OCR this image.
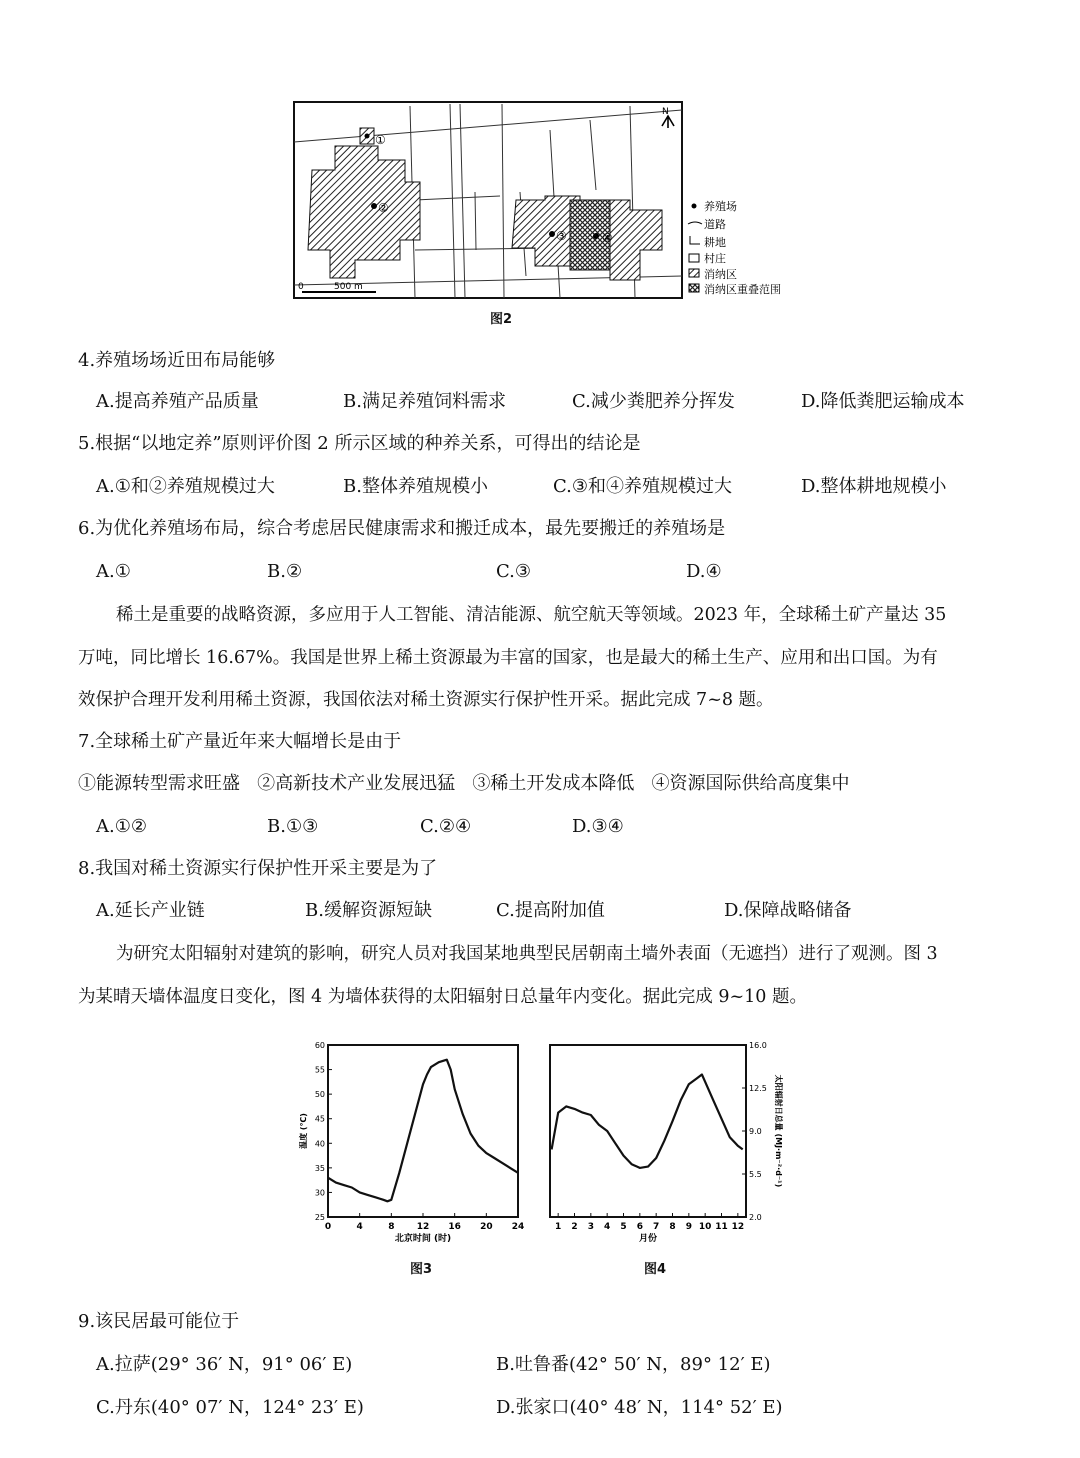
①
②
③	④
N
0	500 m
养殖场
道路
耕地
村庄
消纳区
消纳区重叠范围
图2
4.养殖场场近田布局能够
A.提高养殖产品质量	B.满足养殖饲料需求	C.减少粪肥养分挥发	D.降低粪肥运输成本
5.根据“以地定养”原则评价图 2 所示区域的种养关系，可得出的结论是
A.①和②养殖规模过大	B.整体养殖规模小	C.③和④养殖规模过大	D.整体耕地规模小
6.为优化养殖场布局，综合考虑居民健康需求和搬迁成本，最先要搬迁的养殖场是
A.①	B.②	C.③	D.④
稀土是重要的战略资源，多应用于人工智能、清洁能源、航空航天等领域。2023 年，全球稀土矿产量达 35
万吨，同比增长 16.67%。我国是世界上稀土资源最为丰富的国家，也是最大的稀土生产、应用和出口国。为有
效保护合理开发利用稀土资源，我国依法对稀土资源实行保护性开采。据此完成 7~8 题。
7.全球稀土矿产量近年来大幅增长是由于
①能源转型需求旺盛   ②高新技术产业发展迅猛   ③稀土开发成本降低   ④资源国际供给高度集中
A.①②	B.①③	C.②④	D.③④
8.我国对稀土资源实行保护性开采主要是为了
A.延长产业链	B.缓解资源短缺	C.提高附加值	D.保障战略储备
为研究太阳辐射对建筑的影响，研究人员对我国某地典型民居朝南土墙外表面（无遮挡）进行了观测。图 3
为某晴天墙体温度日变化，图 4 为墙体获得的太阳辐射日总量年内变化。据此完成 9~10 题。
0	4	8 12 16 20 24
25
30
35
40
45
50
55
60
北京时间 (时)
温度 (℃)
1 2 3 4 5 6 7 8 9 10 11 12
2.0
5.5
9.0
12.5
16.0
月份
太阳辐射日总量 (MJ·m⁻²·d⁻¹)
图3	图4
9.该民居最可能位于
A.拉萨(29° 36′ N，91° 06′ E)	B.吐鲁番(42° 50′ N，89° 12′ E)
C.丹东(40° 07′ N，124° 23′ E)	D.张家口(40° 48′ N，114° 52′ E)
